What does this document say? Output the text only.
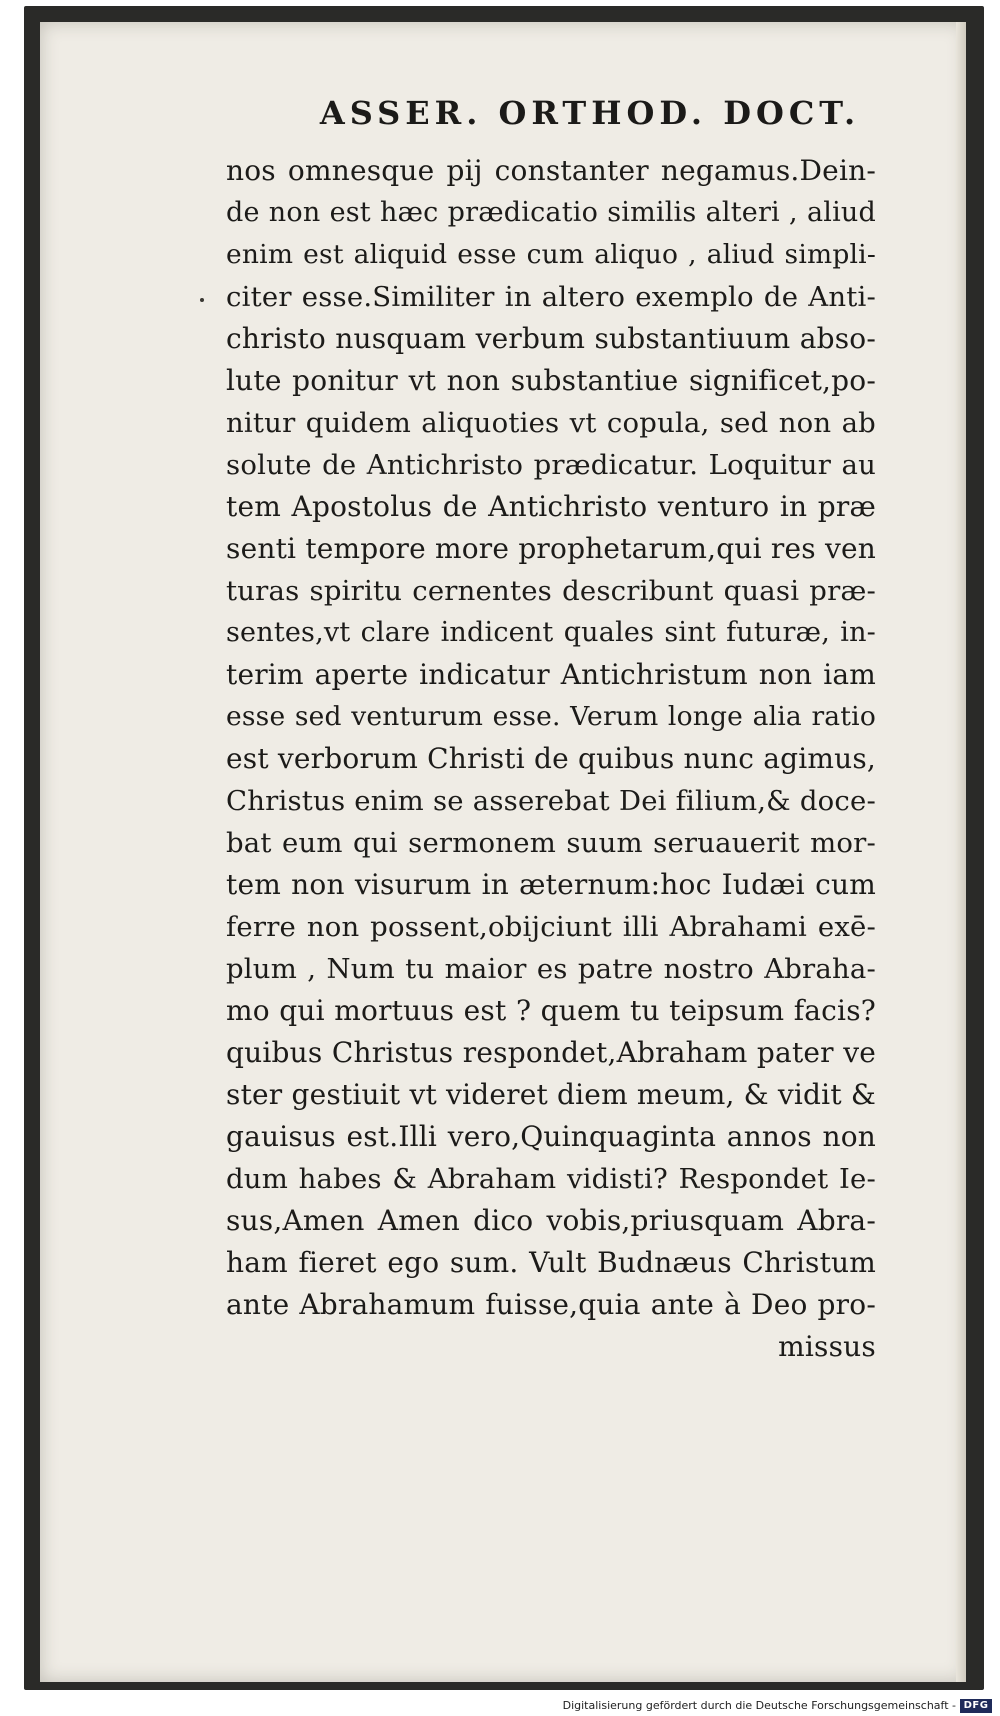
ASSER. ORTHOD. DOCT.
nos omnesque pij constanter negamus.Dein-
de non est hæc prædicatio similis alteri , aliud
enim est aliquid esse cum aliquo , aliud simpli-
citer esse.Similiter in altero exemplo de Anti-
christo nusquam verbum substantiuum abso-
lute ponitur vt non substantiue significet,po-
nitur quidem aliquoties vt copula, sed non ab
solute de Antichristo prædicatur. Loquitur au
tem Apostolus de Antichristo venturo in præ
senti tempore more prophetarum,qui res ven
turas spiritu cernentes describunt quasi præ-
sentes,vt clare indicent quales sint futuræ, in-
terim aperte indicatur Antichristum non iam
esse sed venturum esse. Verum longe alia ratio
est verborum Christi de quibus nunc agimus,
Christus enim se asserebat Dei filium,& doce-
bat eum qui sermonem suum seruauerit mor-
tem non visurum in æternum:hoc Iudæi cum
ferre non possent,obijciunt illi Abrahami exē-
plum , Num tu maior es patre nostro Abraha-
mo qui mortuus est ? quem tu teipsum facis?
quibus Christus respondet,Abraham pater ve
ster gestiuit vt videret diem meum, & vidit &
gauisus est.Illi vero,Quinquaginta annos non
dum habes & Abraham vidisti? Respondet Ie-
sus,Amen Amen dico vobis,priusquam Abra-
ham fieret ego sum. Vult Budnæus Christum
ante Abrahamum fuisse,quia ante à Deo pro-
missus
Digitalisierung gefördert durch die Deutsche Forschungsgemeinschaft - DFG
